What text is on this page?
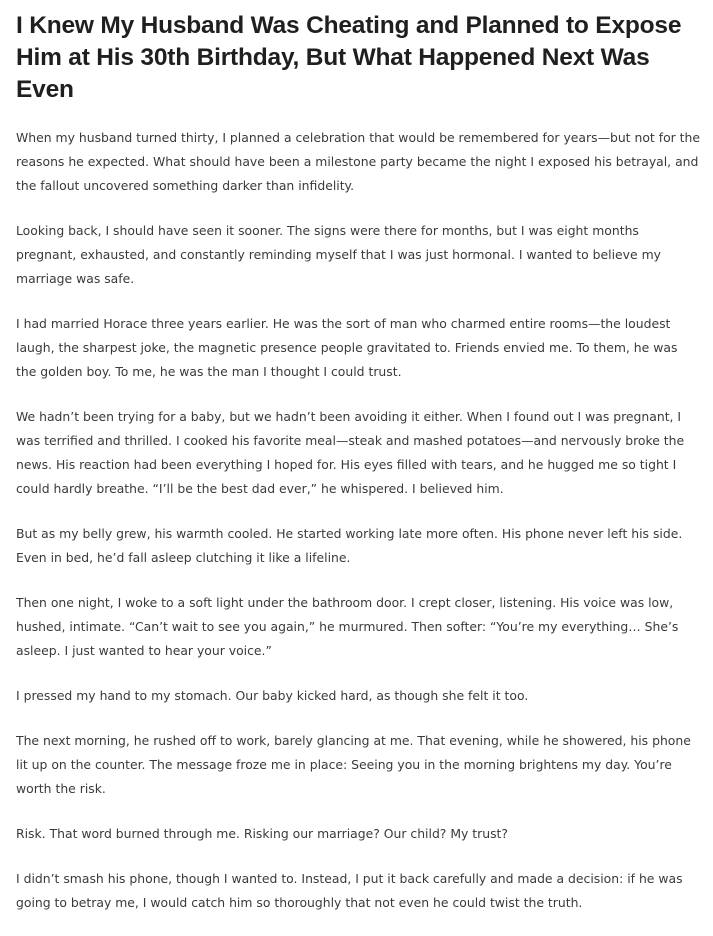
I Knew My Husband Was Cheating and Planned to Expose Him at His 30th Birthday, But What Happened Next Was Even

When my husband turned thirty, I planned a celebration that would be remembered for years—but not for the reasons he expected. What should have been a milestone party became the night I exposed his betrayal, and the fallout uncovered something darker than infidelity.

Looking back, I should have seen it sooner. The signs were there for months, but I was eight months pregnant, exhausted, and constantly reminding myself that I was just hormonal. I wanted to believe my marriage was safe.

I had married Horace three years earlier. He was the sort of man who charmed entire rooms—the loudest laugh, the sharpest joke, the magnetic presence people gravitated to. Friends envied me. To them, he was the golden boy. To me, he was the man I thought I could trust.

We hadn’t been trying for a baby, but we hadn’t been avoiding it either. When I found out I was pregnant, I was terrified and thrilled. I cooked his favorite meal—steak and mashed potatoes—and nervously broke the news. His reaction had been everything I hoped for. His eyes filled with tears, and he hugged me so tight I could hardly breathe. “I’ll be the best dad ever,” he whispered. I believed him.

But as my belly grew, his warmth cooled. He started working late more often. His phone never left his side. Even in bed, he’d fall asleep clutching it like a lifeline.

Then one night, I woke to a soft light under the bathroom door. I crept closer, listening. His voice was low, hushed, intimate. “Can’t wait to see you again,” he murmured. Then softer: “You’re my everything… She’s asleep. I just wanted to hear your voice.”

I pressed my hand to my stomach. Our baby kicked hard, as though she felt it too.

The next morning, he rushed off to work, barely glancing at me. That evening, while he showered, his phone lit up on the counter. The message froze me in place: Seeing you in the morning brightens my day. You’re worth the risk.

Risk. That word burned through me. Risking our marriage? Our child? My trust?

I didn’t smash his phone, though I wanted to. Instead, I put it back carefully and made a decision: if he was going to betray me, I would catch him so thoroughly that not even he could twist the truth.
